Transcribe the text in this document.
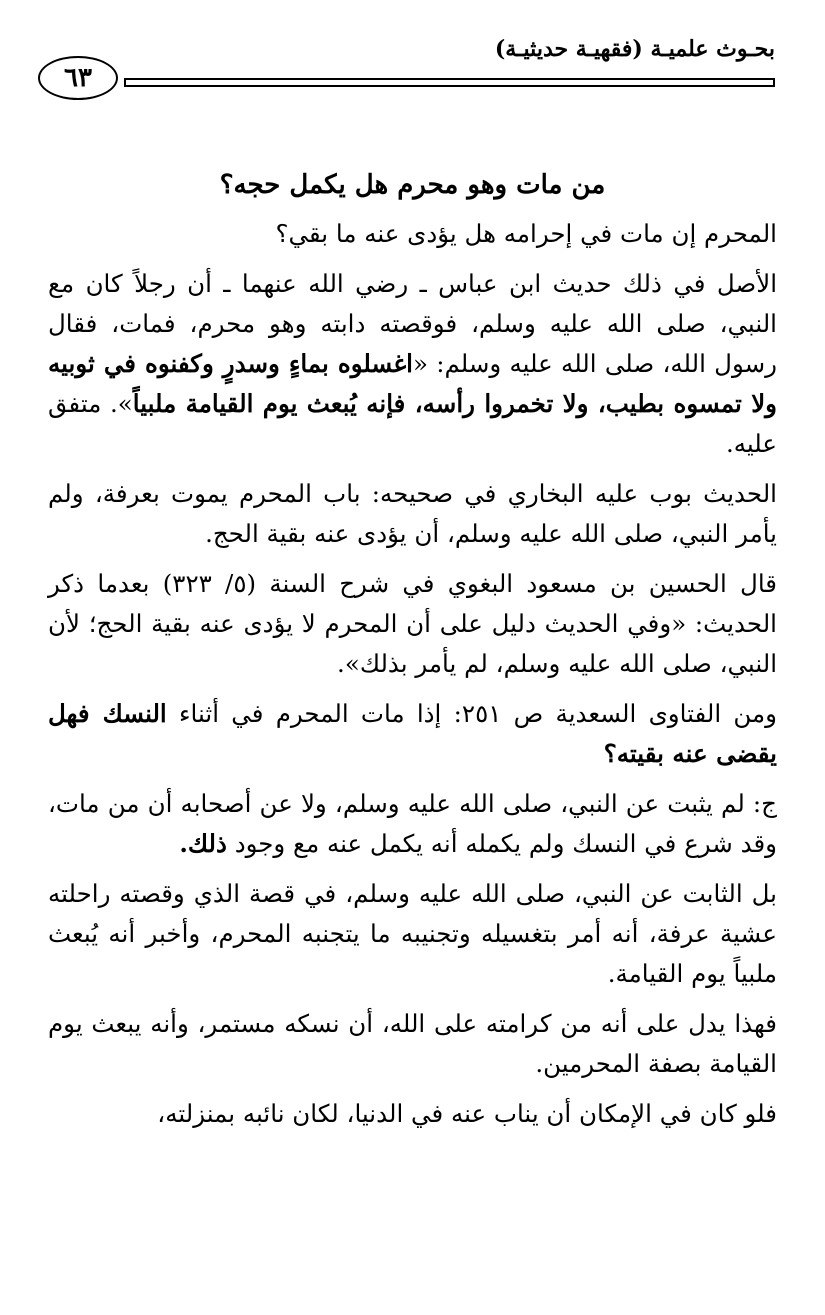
٦٣
بحـوث علميـة (فقهيـة حديثيـة)
من مات وهو محرم هل يكمل حجه؟

المحرم إن مات في إحرامه هل يؤدى عنه ما بقي؟

الأصل في ذلك حديث ابن عباس ـ رضي الله عنهما ـ أن رجلاً كان مع النبي، صلى الله عليه وسلم، فوقصته دابته وهو محرم، فمات، فقال رسول الله، صلى الله عليه وسلم: «اغسلوه بماءٍ وسدرٍ وكفنوه في ثوبيه ولا تمسوه بطيب، ولا تخمروا رأسه، فإنه يُبعث يوم القيامة ملبياً». متفق عليه.

الحديث بوب عليه البخاري في صحيحه: باب المحرم يموت بعرفة، ولم يأمر النبي، صلى الله عليه وسلم، أن يؤدى عنه بقية الحج.

قال الحسين بن مسعود البغوي في شرح السنة (٥/ ٣٢٣) بعدما ذكر الحديث: «وفي الحديث دليل على أن المحرم لا يؤدى عنه بقية الحج؛ لأن النبي، صلى الله عليه وسلم، لم يأمر بذلك».

ومن الفتاوى السعدية ص ٢٥١: إذا مات المحرم في أثناء النسك فهل يقضى عنه بقيته؟

ج: لم يثبت عن النبي، صلى الله عليه وسلم، ولا عن أصحابه أن من مات، وقد شرع في النسك ولم يكمله أنه يكمل عنه مع وجود ذلك.

بل الثابت عن النبي، صلى الله عليه وسلم، في قصة الذي وقصته راحلته عشية عرفة، أنه أمر بتغسيله وتجنيبه ما يتجنبه المحرم، وأخبر أنه يُبعث ملبياً يوم القيامة.

فهذا يدل على أنه من كرامته على الله، أن نسكه مستمر، وأنه يبعث يوم القيامة بصفة المحرمين.

فلو كان في الإمكان أن يناب عنه في الدنيا، لكان نائبه بمنزلته،
